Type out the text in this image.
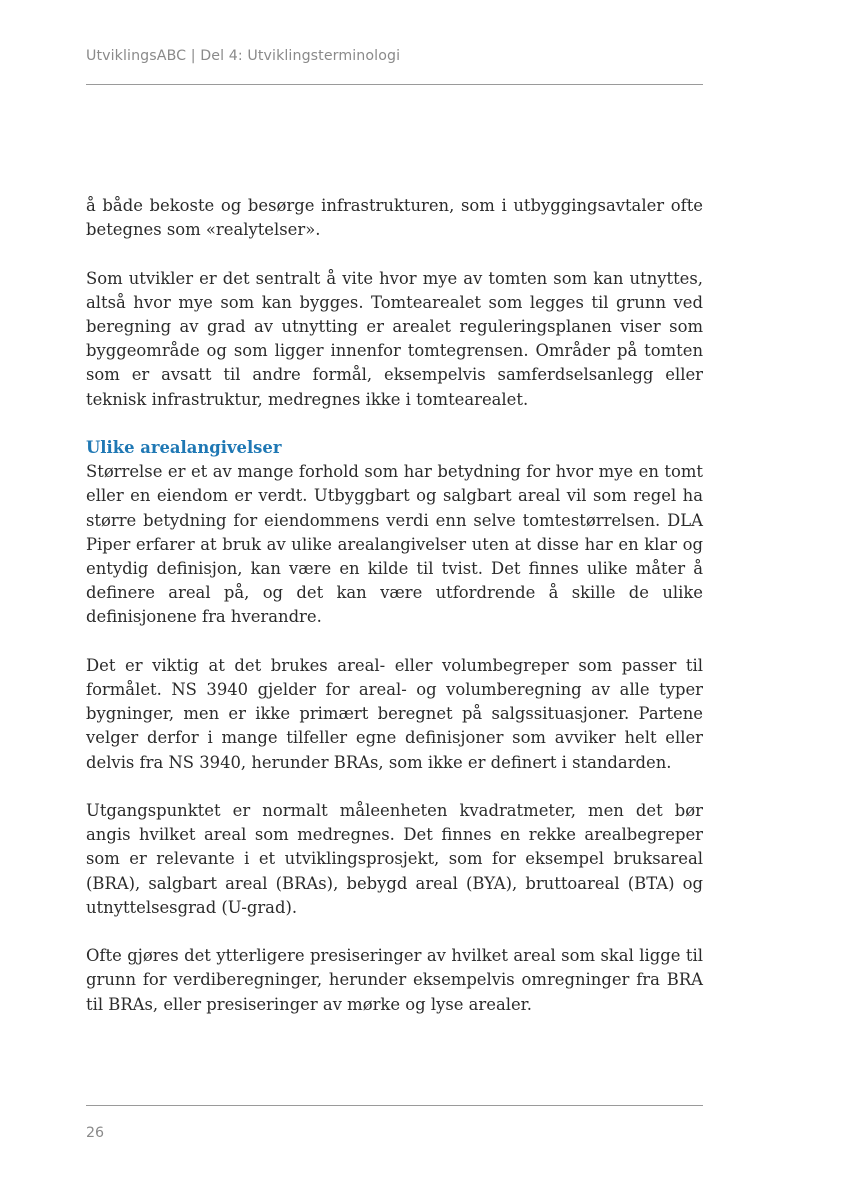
UtviklingsABC | Del 4: Utviklingsterminologi

å både bekoste og besørge infrastrukturen, som i utbyggingsavtaler ofte betegnes som «realytelser».

Som utvikler er det sentralt å vite hvor mye av tomten som kan utnyttes, altså hvor mye som kan bygges. Tomtearealet som legges til grunn ved beregning av grad av utnytting er arealet reguleringsplanen viser som byggeområde og som ligger innenfor tomtegrensen. Områder på tomten som er avsatt til andre formål, eksempelvis samferdselsanlegg eller teknisk infrastruktur, medregnes ikke i tomtearealet.

Ulike arealangivelser

Størrelse er et av mange forhold som har betydning for hvor mye en tomt eller en eiendom er verdt. Utbyggbart og salgbart areal vil som regel ha større betydning for eiendommens verdi enn selve tomtestørrelsen. DLA Piper erfarer at bruk av ulike arealangivelser uten at disse har en klar og entydig definisjon, kan være en kilde til tvist. Det finnes ulike måter å definere areal på, og det kan være utfordrende å skille de ulike definisjonene fra hverandre.

Det er viktig at det brukes areal- eller volumbegreper som passer til formålet. NS 3940 gjelder for areal- og volumberegning av alle typer bygninger, men er ikke primært beregnet på salgssituasjoner. Partene velger derfor i mange tilfeller egne definisjoner som avviker helt eller delvis fra NS 3940, herunder BRAs, som ikke er definert i standarden.

Utgangspunktet er normalt måleenheten kvadratmeter, men det bør angis hvilket areal som medregnes. Det finnes en rekke arealbegreper som er relevante i et utviklingsprosjekt, som for eksempel bruksareal (BRA), salgbart areal (BRAs), bebygd areal (BYA), bruttoareal (BTA) og utnyttelsesgrad (U-grad).

Ofte gjøres det ytterligere presiseringer av hvilket areal som skal ligge til grunn for verdiberegninger, herunder eksempelvis omregninger fra BRA til BRAs, eller presiseringer av mørke og lyse arealer.

26
